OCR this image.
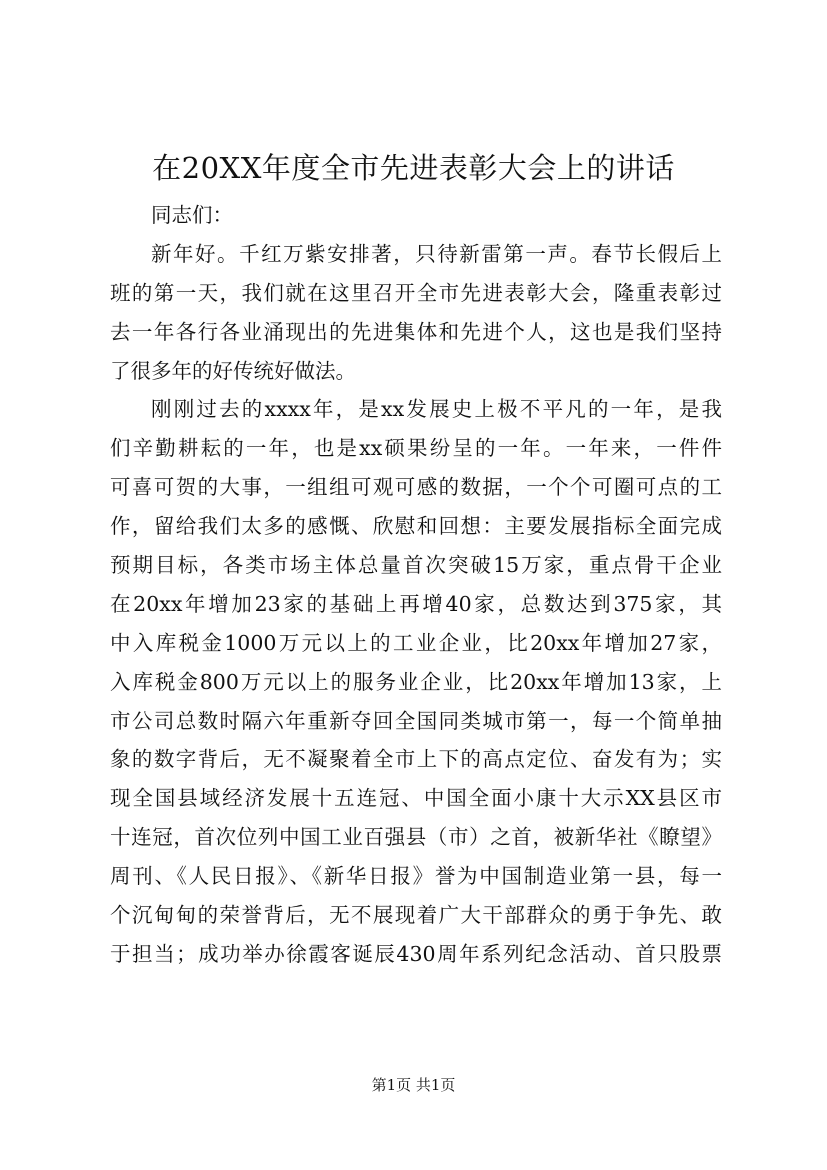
在20XX年度全市先进表彰大会上的讲话
同志们：
新年好。千红万紫安排著，只待新雷第一声。春节长假后上
班的第一天，我们就在这里召开全市先进表彰大会，隆重表彰过
去一年各行各业涌现出的先进集体和先进个人，这也是我们坚持
了很多年的好传统好做法。
刚刚过去的xxxx年，是xx发展史上极不平凡的一年，是我
们辛勤耕耘的一年，也是xx硕果纷呈的一年。一年来，一件件
可喜可贺的大事，一组组可观可感的数据，一个个可圈可点的工
作，留给我们太多的感慨、欣慰和回想：主要发展指标全面完成
预期目标，各类市场主体总量首次突破15万家，重点骨干企业
在20xx年增加23家的基础上再增40家，总数达到375家，其
中入库税金1000万元以上的工业企业，比20xx年增加27家，
入库税金800万元以上的服务业企业，比20xx年增加13家，上
市公司总数时隔六年重新夺回全国同类城市第一，每一个简单抽
象的数字背后，无不凝聚着全市上下的高点定位、奋发有为；实
现全国县域经济发展十五连冠、中国全面小康十大示XX县区市
十连冠，首次位列中国工业百强县（市）之首，被新华社《瞭望》
周刊、《人民日报》、《新华日报》誉为中国制造业第一县，每一
个沉甸甸的荣誉背后，无不展现着广大干部群众的勇于争先、敢
于担当；成功举办徐霞客诞辰430周年系列纪念活动、首只股票
第1页 共1页
